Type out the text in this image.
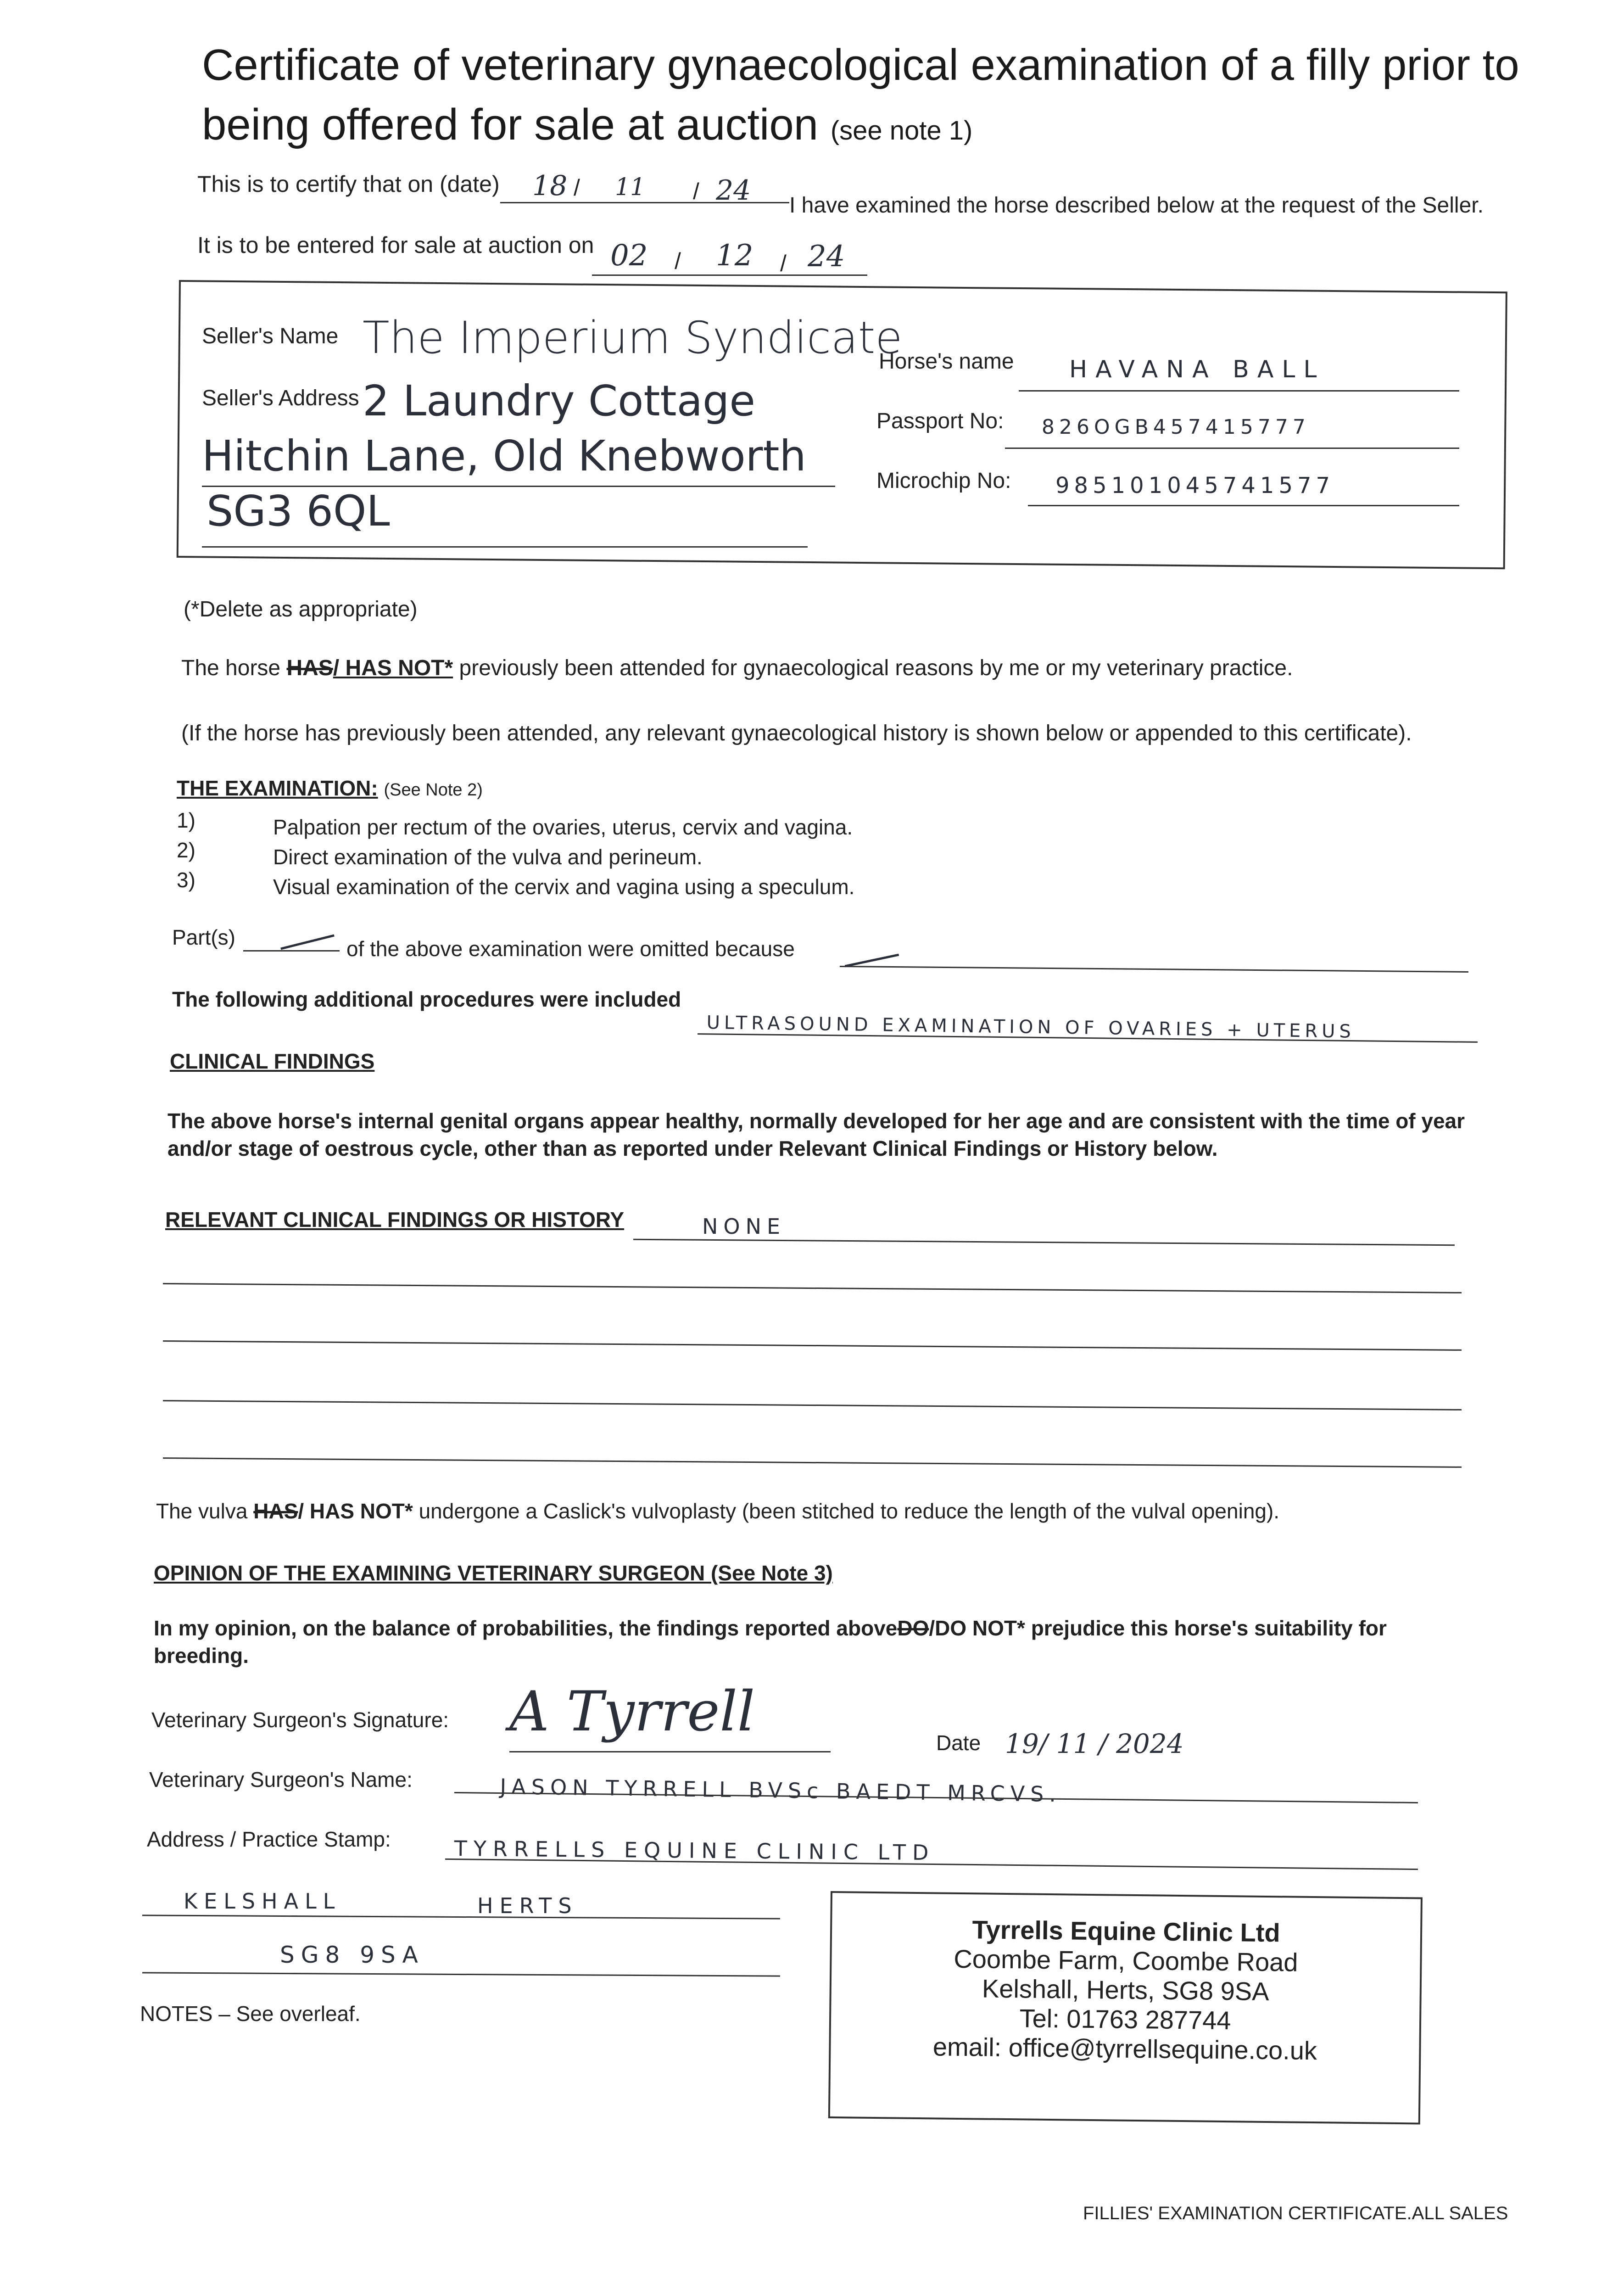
Certificate of veterinary gynaecological examination of a filly prior to
being offered for sale at auction (see note 1)
This is to certify that on (date) 18 / 11 / 24 I have examined the horse described below at the request of the Seller.
It is to be entered for sale at auction on 02 / 12 / 24
Seller's Name The Imperium Syndicate
Horse's name HAVANA BALL
Seller's Address 2 Laundry Cottage
Hitchin Lane, Old Knebworth
SG3 6QL
Passport No: 826OGB457415777
Microchip No: 985101045741577
(*Delete as appropriate)
The horse HAS/ HAS NOT* previously been attended for gynaecological reasons by me or my veterinary practice.
(If the horse has previously been attended, any relevant gynaecological history is shown below or appended to this certificate).
THE EXAMINATION: (See Note 2)
1)	Palpation per rectum of the ovaries, uterus, cervix and vagina.
2)	Direct examination of the vulva and perineum.
3)	Visual examination of the cervix and vagina using a speculum.
Part(s)	of the above examination were omitted because
The following additional procedures were included
ULTRASOUND EXAMINATION OF OVARIES + UTERUS
CLINICAL FINDINGS
The above horse's internal genital organs appear healthy, normally developed for her age and are consistent with the time of year
and/or stage of oestrous cycle, other than as reported under Relevant Clinical Findings or History below.
RELEVANT CLINICAL FINDINGS OR HISTORY	NONE
The vulva HAS/ HAS NOT* undergone a Caslick's vulvoplasty (been stitched to reduce the length of the vulval opening).
OPINION OF THE EXAMINING VETERINARY SURGEON (See Note 3)
In my opinion, on the balance of probabilities, the findings reported aboveDO/DO NOT* prejudice this horse's suitability for
breeding.
Veterinary Surgeon's Signature: A Tyrrell	Date 19/ 11 / 2024
Veterinary Surgeon's Name:	JASON TYRRELL BVSc BAEDT MRCVS.
Address / Practice Stamp:	TYRRELLS EQUINE CLINIC LTD
KELSHALL	HERTS
SG8 9SA
Tyrrells Equine Clinic Ltd
Coombe Farm, Coombe Road
Kelshall, Herts, SG8 9SA
Tel: 01763 287744
email: office@tyrrellsequine.co.uk
NOTES – See overleaf.
FILLIES' EXAMINATION CERTIFICATE.ALL SALES
